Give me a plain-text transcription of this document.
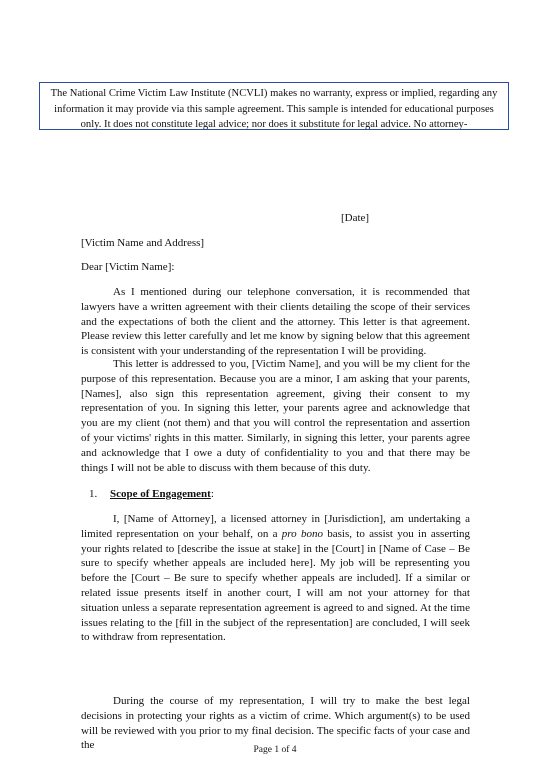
The National Crime Victim Law Institute (NCVLI) makes no warranty, express or implied, regarding any information it may provide via this sample agreement. This sample is intended for educational purposes only. It does not constitute legal advice; nor does it substitute for legal advice. No attorney-
[Date]

[Victim Name and Address]

Dear [Victim Name]:

As I mentioned during our telephone conversation, it is recommended that lawyers have a written agreement with their clients detailing the scope of their services and the expectations of both the client and the attorney. This letter is that agreement. Please review this letter carefully and let me know by signing below that this agreement is consistent with your understanding of the representation I will be providing.

This letter is addressed to you, [Victim Name], and you will be my client for the purpose of this representation. Because you are a minor, I am asking that your parents, [Names], also sign this representation agreement, giving their consent to my representation of you. In signing this letter, your parents agree and acknowledge that you are my client (not them) and that you will control the representation and assertion of your victims' rights in this matter. Similarly, in signing this letter, your parents agree and acknowledge that I owe a duty of confidentiality to you and that there may be things I will not be able to discuss with them because of this duty.

1. Scope of Engagement:

I, [Name of Attorney], a licensed attorney in [Jurisdiction], am undertaking a limited representation on your behalf, on a pro bono basis, to assist you in asserting your rights related to [describe the issue at stake] in the [Court] in [Name of Case – Be sure to specify whether appeals are included here]. My job will be representing you before the [Court – Be sure to specify whether appeals are included]. If a similar or related issue presents itself in another court, I will am not your attorney for that situation unless a separate representation agreement is agreed to and signed. At the time issues relating to the [fill in the subject of the representation] are concluded, I will seek to withdraw from representation.

During the course of my representation, I will try to make the best legal decisions in protecting your rights as a victim of crime. Which argument(s) to be used will be reviewed with you prior to my final decision. The specific facts of your case and the	Page 1 of 4
